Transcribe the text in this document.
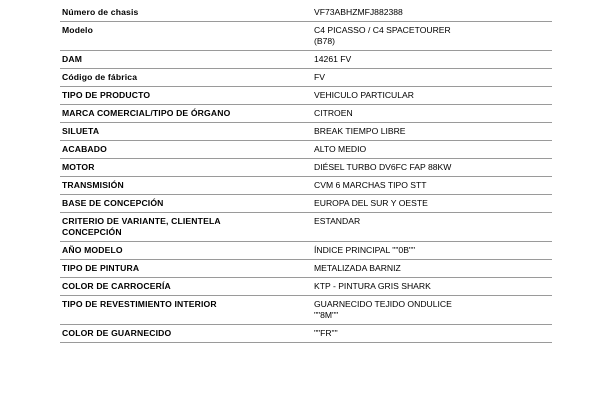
Número de chasis	VF73ABHZMFJ882388

Modelo	C4 PICASSO / C4 SPACETOURER
(B78)

DAM	14261 FV

Código de fábrica	FV

TIPO DE PRODUCTO	VEHICULO PARTICULAR

MARCA COMERCIAL/TIPO DE ÓRGANO	CITROEN

SILUETA	BREAK TIEMPO LIBRE

ACABADO	ALTO MEDIO

MOTOR	DIÉSEL TURBO DV6FC FAP 88KW

TRANSMISIÓN	CVM 6 MARCHAS TIPO STT

BASE DE CONCEPCIÓN	EUROPA DEL SUR Y OESTE

CRITERIO DE VARIANTE, CLIENTELA
CONCEPCIÓN	ESTANDAR

AÑO MODELO	ÍNDICE PRINCIPAL ""0B""

TIPO DE PINTURA	METALIZADA BARNIZ

COLOR DE CARROCERÍA	KTP - PINTURA GRIS SHARK

TIPO DE REVESTIMIENTO INTERIOR	GUARNECIDO TEJIDO ONDULICE
""8M""

COLOR DE GUARNECIDO	""FR""
